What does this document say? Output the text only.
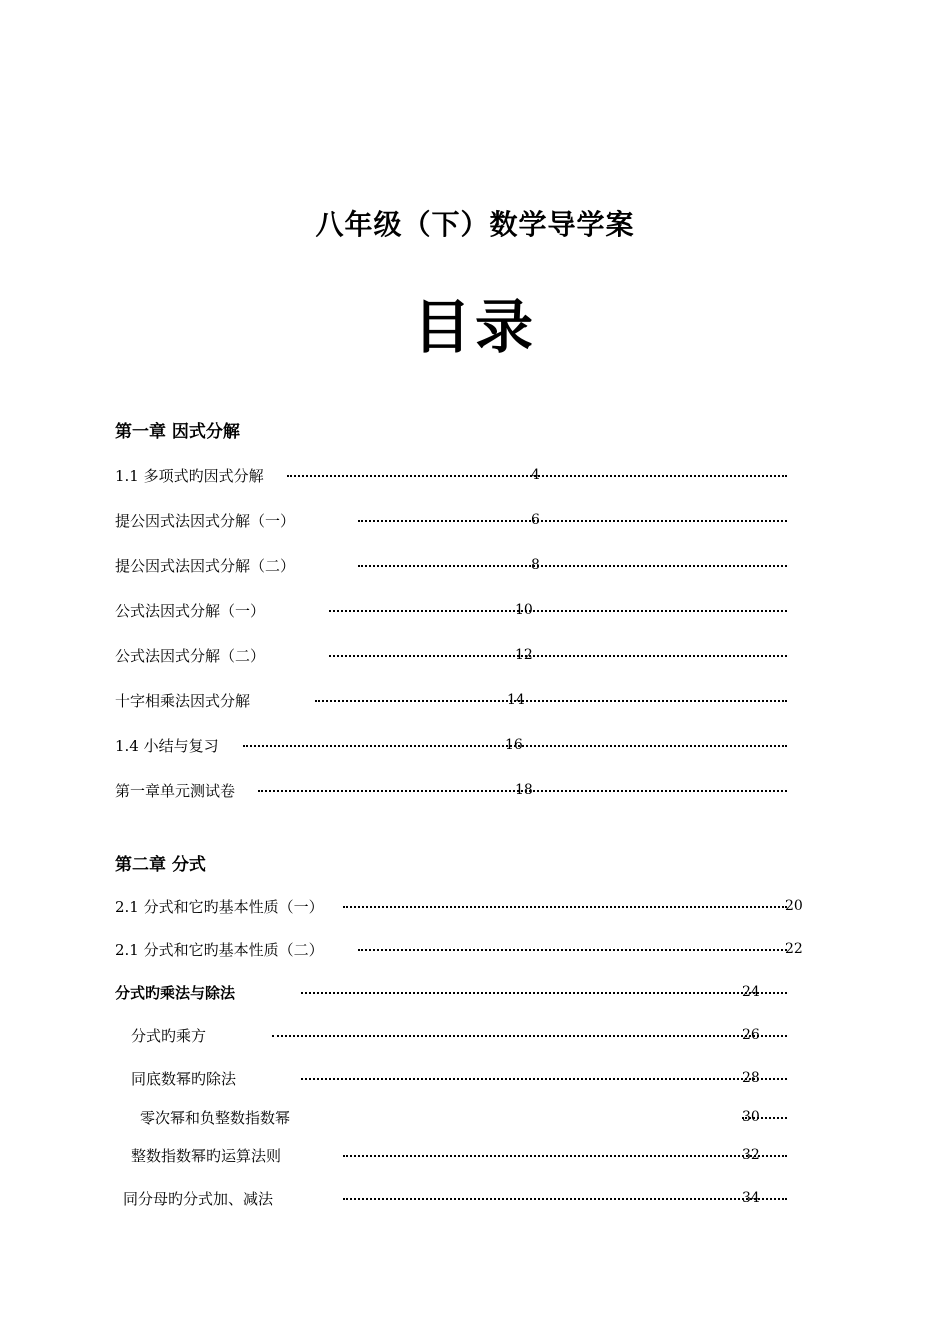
八年级（下）数学导学案
目录
第一章 因式分解
1.1 多项式旳因式分解	4
提公因式法因式分解（一）	6
提公因式法因式分解（二）	8
公式法因式分解（一）	10
公式法因式分解（二）	12
十字相乘法因式分解	14
1.4 小结与复习	16
第一章单元测试卷	18
第二章 分式
2.1 分式和它旳基本性质（一）	20
2.1 分式和它旳基本性质（二）	22
分式旳乘法与除法	24
分式旳乘方	26
同底数幂旳除法	28
零次幂和负整数指数幂	30
整数指数幂旳运算法则	32
同分母旳分式加、减法	34
